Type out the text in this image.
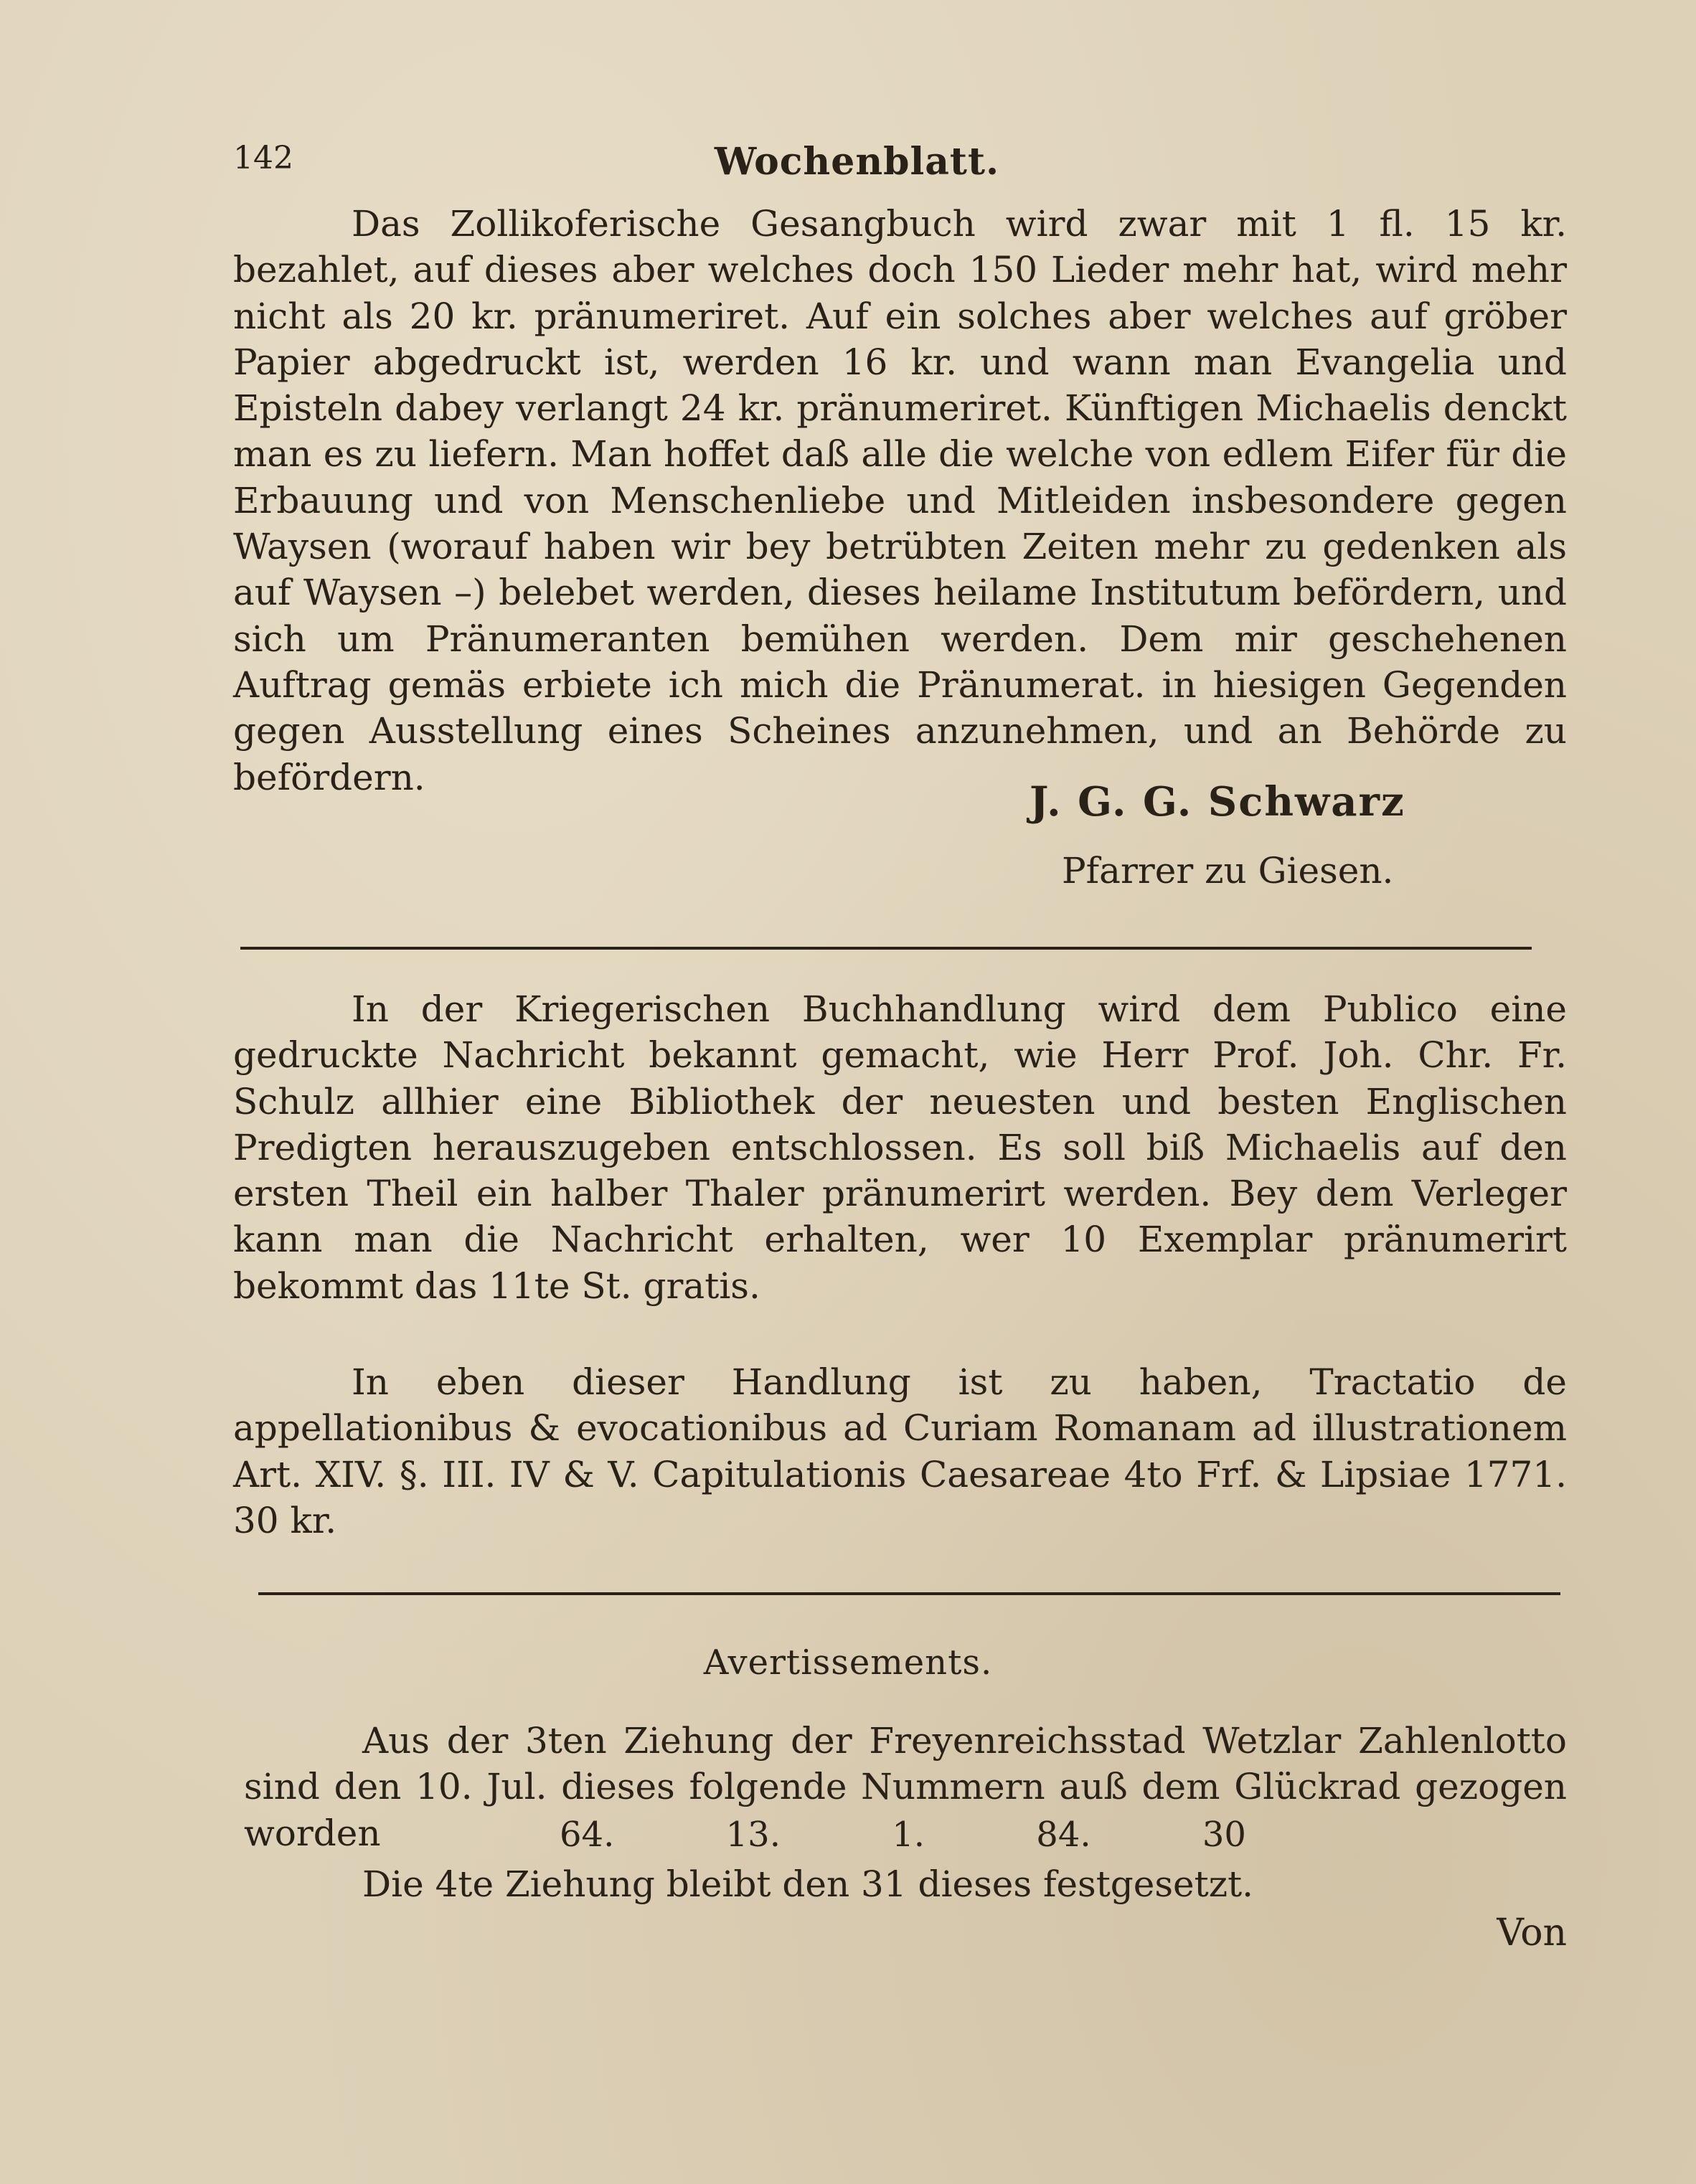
142	Wochenblatt.

Das Zollikoferische Gesangbuch wird zwar mit 1 fl. 15 kr. bezahlet, auf dieses aber welches doch 150 Lieder mehr hat, wird mehr nicht als 20 kr. pränumeriret. Auf ein solches aber welches auf gröber Papier abgedruckt ist, werden 16 kr. und wann man Evangelia und Episteln dabey verlangt 24 kr. pränumeriret. Künftigen Michaelis denckt man es zu liefern. Man hoffet daß alle die welche von edlem Eifer für die Erbauung und von Menschenliebe und Mitleiden insbesondere gegen Waysen (worauf haben wir bey betrübten Zeiten mehr zu gedenken als auf Waysen –) belebet werden, dieses heilame Institutum befördern, und sich um Pränumeranten bemühen werden. Dem mir geschehenen Auftrag gemäs erbiete ich mich die Pränumerat. in hiesigen Gegenden gegen Ausstellung eines Scheines anzunehmen, und an Behörde zu befördern.

J. G. G. Schwarz
Pfarrer zu Giesen.

In der Kriegerischen Buchhandlung wird dem Publico eine gedruckte Nachricht bekannt gemacht, wie Herr Prof. Joh. Chr. Fr. Schulz allhier eine Bibliothek der neuesten und besten Englischen Predigten herauszugeben entschlossen. Es soll biß Michaelis auf den ersten Theil ein halber Thaler pränumerirt werden. Bey dem Verleger kann man die Nachricht erhalten, wer 10 Exemplar pränumerirt bekommt das 11te St. gratis.

In eben dieser Handlung ist zu haben, Tractatio de appellationibus & evocationibus ad Curiam Romanam ad illustrationem Art. XIV. §. III. IV & V. Capitulationis Caesareae 4to Frf. & Lipsiae 1771. 30 kr.

Avertissements.

Aus der 3ten Ziehung der Freyenreichsstad Wetzlar Zahlenlotto sind den 10. Jul. dieses folgende Nummern auß dem Glückrad gezogen worden	64.	13.	1.	84.	30

Die 4te Ziehung bleibt den 31 dieses festgesetzt.

Von
